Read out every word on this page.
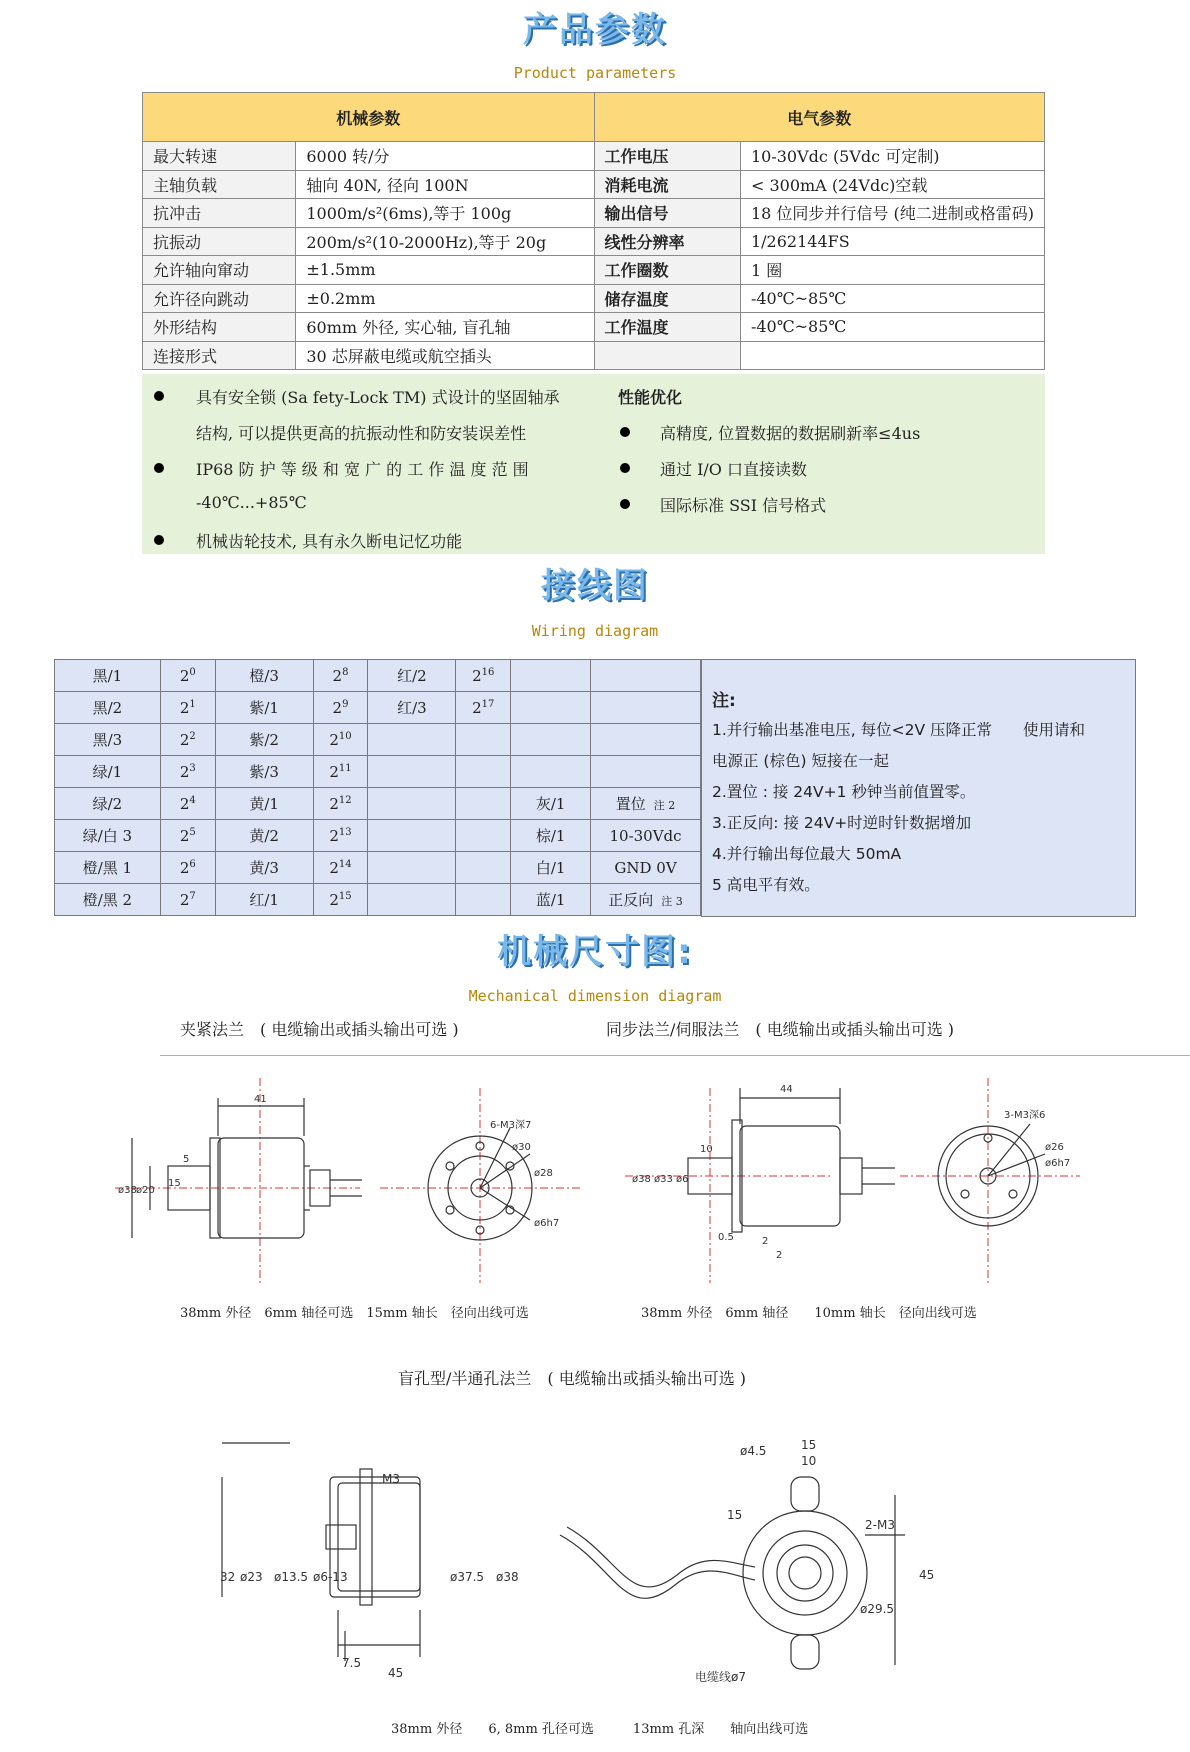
产品参数
Product parameters
机械参数		电气参数	
最大转速	6000 转/分	工作电压	10-30Vdc (5Vdc 可定制)
主轴负载	轴向 40N, 径向 100N	消耗电流	< 300mA (24Vdc)空载
抗冲击	1000m/s²(6ms),等于 100g	输出信号	18 位同步并行信号 (纯二进制或格雷码)
抗振动	200m/s²(10-2000Hz),等于 20g	线性分辨率	1/262144FS
允许轴向窜动	±1.5mm	工作圈数	1 圈
允许径向跳动	±0.2mm	储存温度	-40℃~85℃
外形结构	60mm 外径, 实心轴, 盲孔轴	工作温度	-40℃~85℃
连接形式	30 芯屏蔽电缆或航空插头		
具有安全锁 (Sa fety-Lock TM) 式设计的坚固轴承
结构, 可以提供更高的抗振动性和防安装误差性
IP68 防 护 等 级 和 宽 广 的 工 作 温 度 范 围
-40℃...+85℃
机械齿轮技术, 具有永久断电记忆功能
性能优化
高精度, 位置数据的数据刷新率≤4us
通过 I/O 口直接读数
国际标准 SSI 信号格式
接线图
Wiring diagram
黑/1	$2^0$	橙/3	$2^8$	红/2	$2^{16}$		
黑/2	$2^1$	紫/1	$2^9$	红/3	$2^{17}$		
黑/3	$2^2$	紫/2	$2^{10}$				
绿/1	$2^3$	紫/3	$2^{11}$				
绿/2	$2^4$	黄/1	$2^{12}$			灰/1	置位 注 2
绿/白 3	$2^5$	黄/2	$2^{13}$			棕/1	10-30Vdc
橙/黑 1	$2^6$	黄/3	$2^{14}$			白/1	GND 0V
橙/黑 2	$2^7$	红/1	$2^{15}$			蓝/1	正反向 注 3
注:
1.并行输出基准电压, 每位<2V 压降正常　　使用请和
电源正 (棕色) 短接在一起
2.置位 : 接 24V+1 秒钟当前值置零。
3.正反向: 接 24V+时逆时针数据增加
4.并行输出每位最大 50mA
5 高电平有效。
机械尺寸图:
Mechanical dimension diagram
夹紧法兰　( 电缆输出或插头输出可选 )	同步法兰/伺服法兰　( 电缆输出或插头输出可选 )
41
5
15
ø38 ø20
6-M3深7
ø30
ø28
ø6h7
44
10
ø38 ø33 ø6
0.5	2
2
3-M3深6
ø26
ø6h7
38mm 外径　6mm 轴径可选　15mm 轴长　径向出线可选	38mm 外径　6mm 轴径　　10mm 轴长　径向出线可选
盲孔型/半通孔法兰　( 电缆输出或插头输出可选 )
M3
32 ø23 ø13.5 ø6-13	ø37.5 ø38
7.5
45
ø4.5	15
10
15
2-M3
45
ø29.5
电缆线ø7
38mm 外径　　6, 8mm 孔径可选　　　13mm 孔深　　轴向出线可选
